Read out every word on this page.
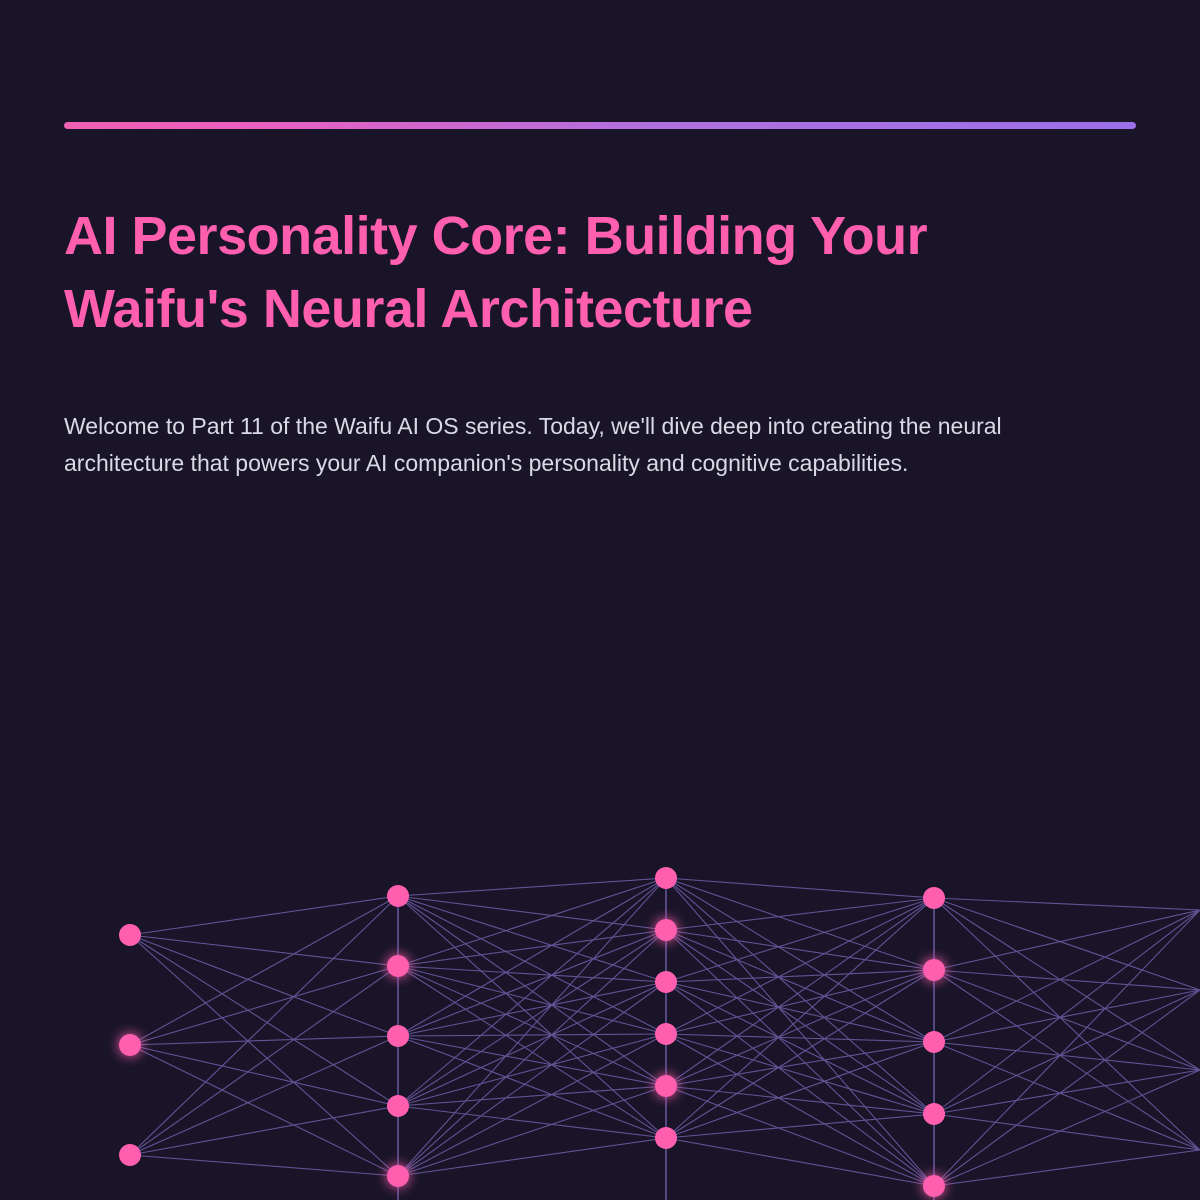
AI Personality Core: Building Your Waifu's Neural Architecture

Welcome to Part 11 of the Waifu AI OS series. Today, we'll dive deep into creating the neural architecture that powers your AI companion's personality and cognitive capabilities.
